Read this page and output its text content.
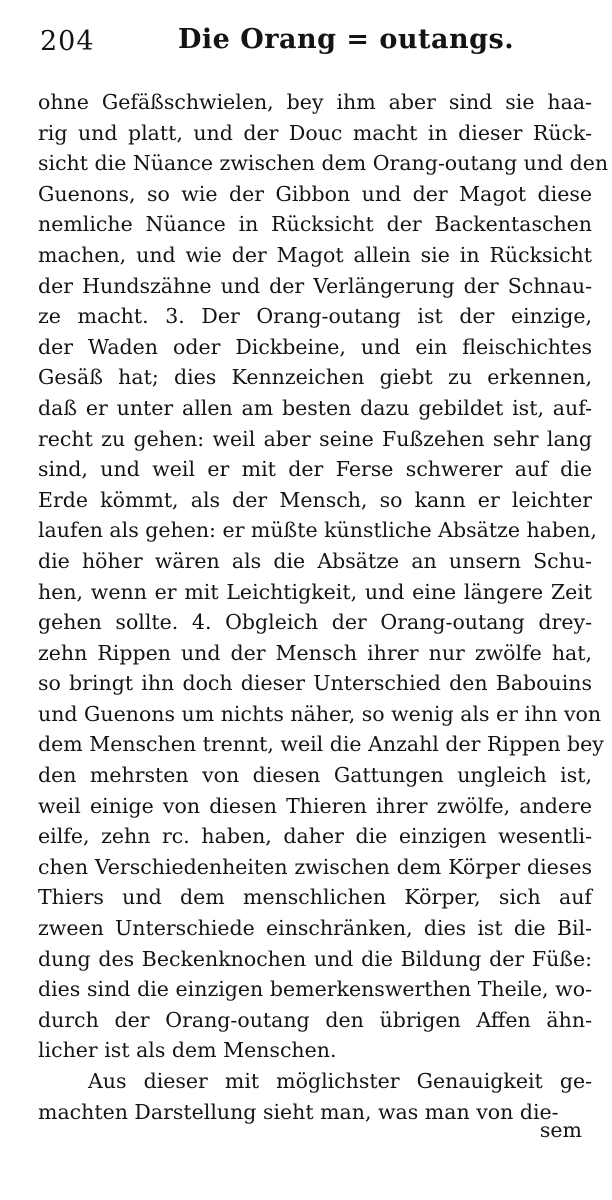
204	Die Orang = outangs.
ohne Gefäßschwielen, bey ihm aber sind sie haa-
rig und platt, und der Douc macht in dieser Rück-
sicht die Nüance zwischen dem Orang-outang und den
Guenons, so wie der Gibbon und der Magot diese
nemliche Nüance in Rücksicht der Backentaschen
machen, und wie der Magot allein sie in Rücksicht
der Hundszähne und der Verlängerung der Schnau-
ze macht. 3. Der Orang-outang ist der einzige,
der Waden oder Dickbeine, und ein fleischichtes
Gesäß hat; dies Kennzeichen giebt zu erkennen,
daß er unter allen am besten dazu gebildet ist, auf-
recht zu gehen: weil aber seine Fußzehen sehr lang
sind, und weil er mit der Ferse schwerer auf die
Erde kömmt, als der Mensch, so kann er leichter
laufen als gehen: er müßte künstliche Absätze haben,
die höher wären als die Absätze an unsern Schu-
hen, wenn er mit Leichtigkeit, und eine längere Zeit
gehen sollte. 4. Obgleich der Orang-outang drey-
zehn Rippen und der Mensch ihrer nur zwölfe hat,
so bringt ihn doch dieser Unterschied den Babouins
und Guenons um nichts näher, so wenig als er ihn von
dem Menschen trennt, weil die Anzahl der Rippen bey
den mehrsten von diesen Gattungen ungleich ist,
weil einige von diesen Thieren ihrer zwölfe, andere
eilfe, zehn rc. haben, daher die einzigen wesentli-
chen Verschiedenheiten zwischen dem Körper dieses
Thiers und dem menschlichen Körper, sich auf
zween Unterschiede einschränken, dies ist die Bil-
dung des Beckenknochen und die Bildung der Füße:
dies sind die einzigen bemerkenswerthen Theile, wo-
durch der Orang-outang den übrigen Affen ähn-
licher ist als dem Menschen.
Aus dieser mit möglichster Genauigkeit ge-
machten Darstellung sieht man, was man von die-
sem
